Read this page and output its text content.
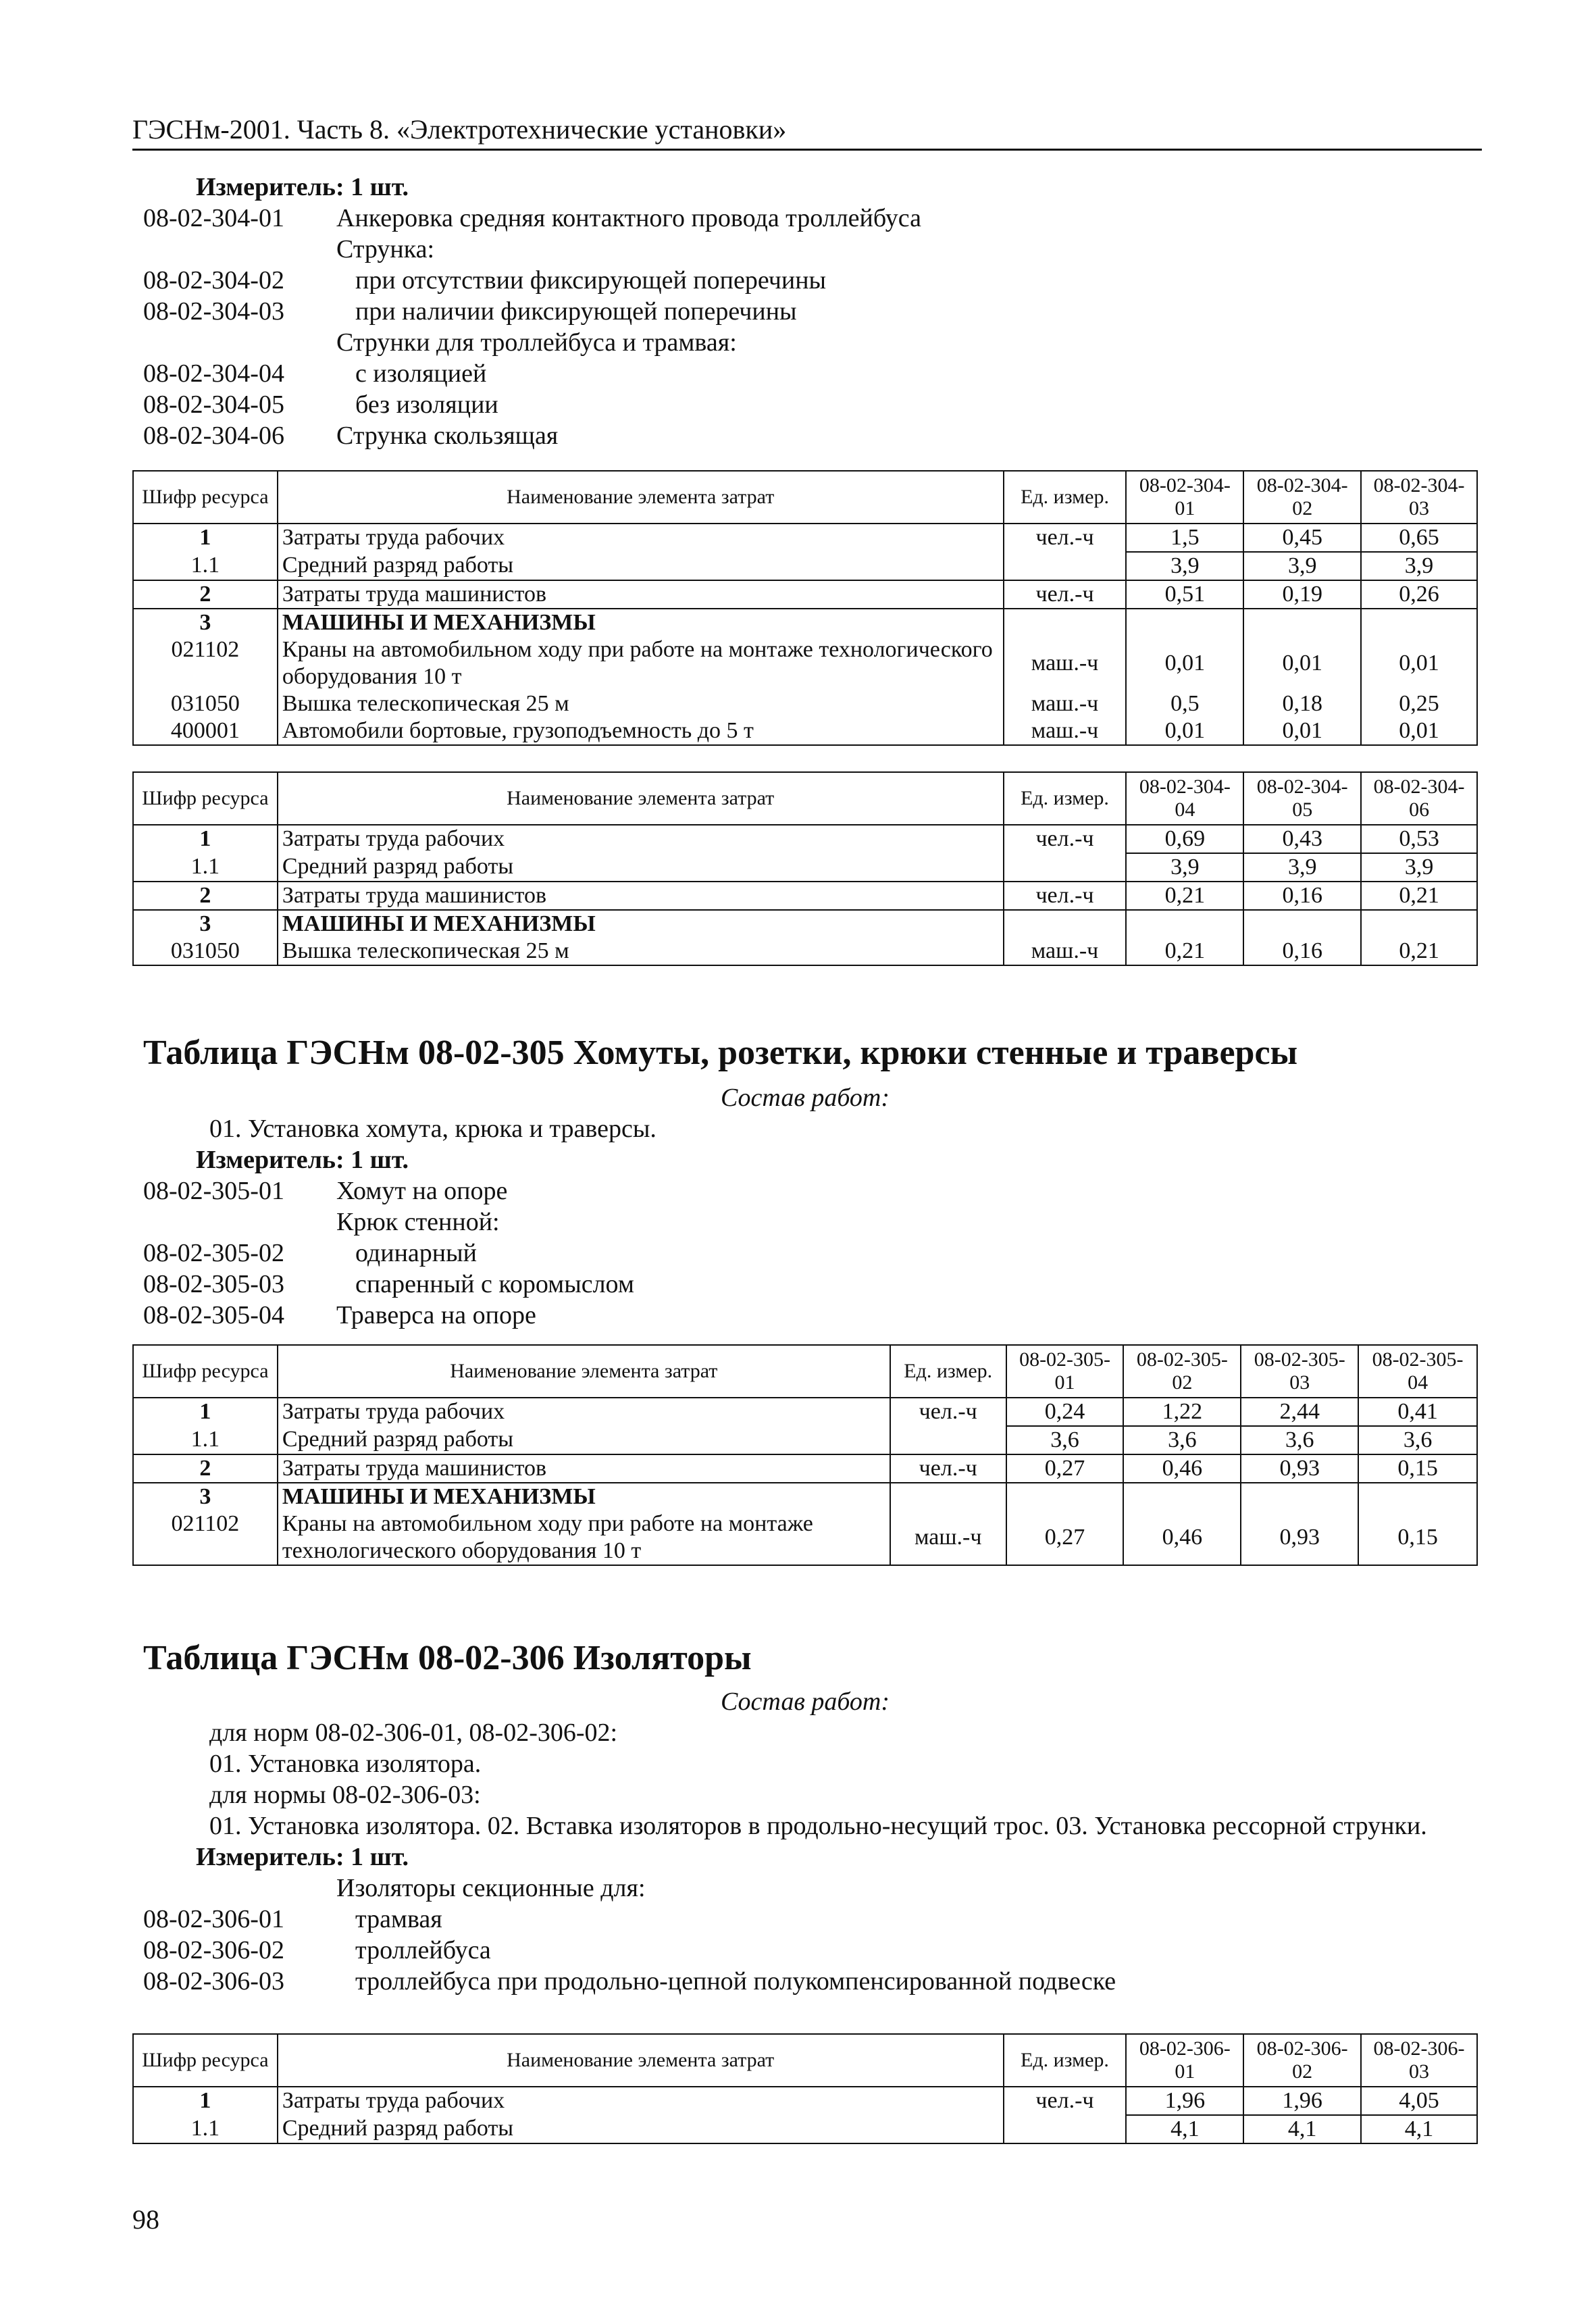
ГЭСНм-2001. Часть 8. «Электротехнические установки»
Измеритель: 1 шт.
08-02-304-01	Анкеровка средняя контактного провода троллейбуса
Струнка:
08-02-304-02	при отсутствии фиксирующей поперечины
08-02-304-03	при наличии фиксирующей поперечины
Струнки для троллейбуса и трамвая:
08-02-304-04	с изоляцией
08-02-304-05	без изоляции
08-02-304-06	Струнка скользящая
Шифр ресурса	Наименование элемента затрат	Ед. измер.	08-02-304-01	08-02-304-02	08-02-304-03
1	Затраты труда рабочих	чел.-ч	1,5	0,45	0,65
1.1	Средний разряд работы		3,9	3,9	3,9
2	Затраты труда машинистов	чел.-ч	0,51	0,19	0,26
3	МАШИНЫ И МЕХАНИЗМЫ				
021102	Краны на автомобильном ходу при работе на монтаже технологического оборудования 10 т	маш.-ч	0,01	0,01	0,01
031050	Вышка телескопическая 25 м	маш.-ч	0,5	0,18	0,25
400001	Автомобили бортовые, грузоподъемность до 5 т	маш.-ч	0,01	0,01	0,01
Шифр ресурса	Наименование элемента затрат	Ед. измер.	08-02-304-04	08-02-304-05	08-02-304-06
1	Затраты труда рабочих	чел.-ч	0,69	0,43	0,53
1.1	Средний разряд работы		3,9	3,9	3,9
2	Затраты труда машинистов	чел.-ч	0,21	0,16	0,21
3	МАШИНЫ И МЕХАНИЗМЫ				
031050	Вышка телескопическая 25 м	маш.-ч	0,21	0,16	0,21
Таблица ГЭСНм 08-02-305 Хомуты, розетки, крюки стенные и траверсы
Состав работ:
01. Установка хомута, крюка и траверсы.
Измеритель: 1 шт.
08-02-305-01	Хомут на опоре
Крюк стенной:
08-02-305-02	одинарный
08-02-305-03	спаренный с коромыслом
08-02-305-04	Траверса на опоре
Шифр ресурса	Наименование элемента затрат	Ед. измер.	08-02-305-01	08-02-305-02	08-02-305-03	08-02-305-04
1	Затраты труда рабочих	чел.-ч	0,24	1,22	2,44	0,41
1.1	Средний разряд работы		3,6	3,6	3,6	3,6
2	Затраты труда машинистов	чел.-ч	0,27	0,46	0,93	0,15
3	МАШИНЫ И МЕХАНИЗМЫ					
021102	Краны на автомобильном ходу при работе на монтаже технологического оборудования 10 т	маш.-ч	0,27	0,46	0,93	0,15
Таблица ГЭСНм 08-02-306 Изоляторы
Состав работ:
для норм 08-02-306-01, 08-02-306-02:
01. Установка изолятора.
для нормы 08-02-306-03:
01. Установка изолятора. 02. Вставка изоляторов в продольно-несущий трос. 03. Установка рессорной струнки.
Измеритель: 1 шт.
Изоляторы секционные для:
08-02-306-01	трамвая
08-02-306-02	троллейбуса
08-02-306-03	троллейбуса при продольно-цепной полукомпенсированной подвеске
Шифр ресурса	Наименование элемента затрат	Ед. измер.	08-02-306-01	08-02-306-02	08-02-306-03
1	Затраты труда рабочих	чел.-ч	1,96	1,96	4,05
1.1	Средний разряд работы		4,1	4,1	4,1
98
